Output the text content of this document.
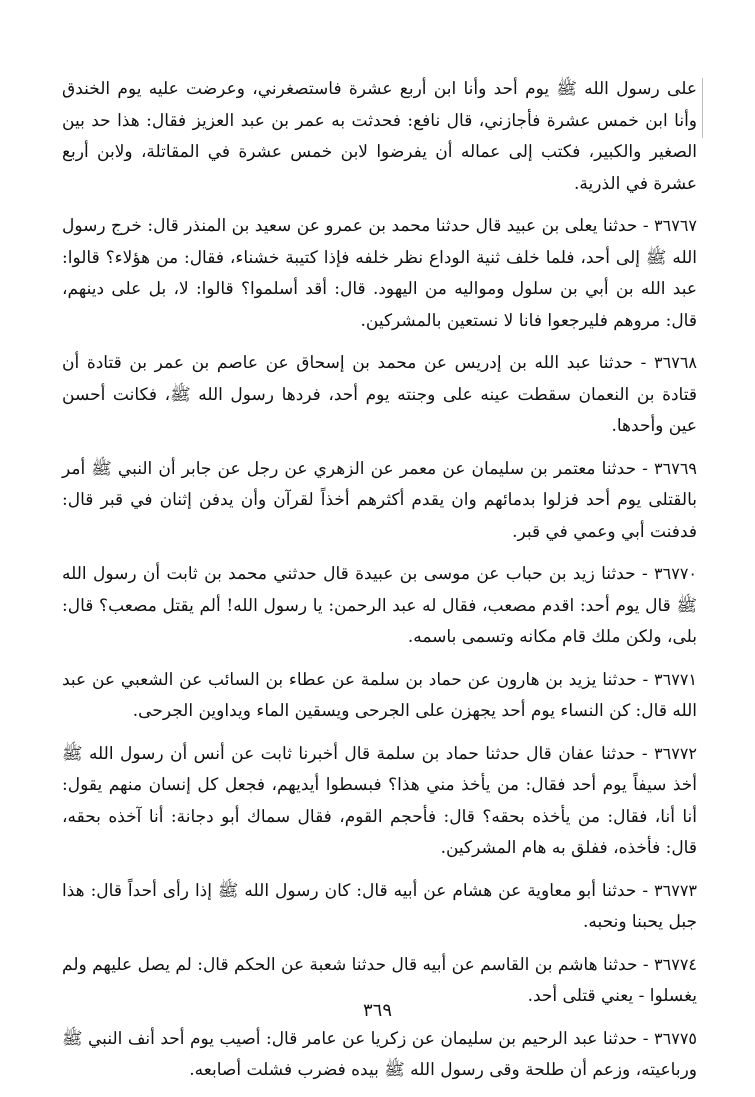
على رسول الله ﷺ يوم أحد وأنا ابن أربع عشرة فاستصغرني، وعرضت عليه يوم الخندق وأنا ابن خمس عشرة فأجازني، قال نافع: فحدثت به عمر بن عبد العزيز فقال: هذا حد بين الصغير والكبير، فكتب إلى عماله أن يفرضوا لابن خمس عشرة في المقاتلة، ولابن أربع عشرة في الذرية.

٣٦٧٦٧ - حدثنا يعلى بن عبيد قال حدثنا محمد بن عمرو عن سعيد بن المنذر قال: خرج رسول الله ﷺ إلى أحد، فلما خلف ثنية الوداع نظر خلفه فإذا كتيبة خشناء، فقال: من هؤلاء؟ قالوا: عبد الله بن أبي بن سلول ومواليه من اليهود. قال: أقد أسلموا؟ قالوا: لا، بل على دينهم، قال: مروهم فليرجعوا فانا لا نستعين بالمشركين.

٣٦٧٦٨ - حدثنا عبد الله بن إدريس عن محمد بن إسحاق عن عاصم بن عمر بن قتادة أن قتادة بن النعمان سقطت عينه على وجنته يوم أحد، فردها رسول الله ﷺ، فكانت أحسن عين وأحدها.

٣٦٧٦٩ - حدثنا معتمر بن سليمان عن معمر عن الزهري عن رجل عن جابر أن النبي ﷺ أمر بالقتلى يوم أحد فزلوا بدمائهم وان يقدم أكثرهم أخذاً لقرآن وأن يدفن إثنان في قبر قال: فدفنت أبي وعمي في قبر.

٣٦٧٧٠ - حدثنا زيد بن حباب عن موسى بن عبيدة قال حدثني محمد بن ثابت أن رسول الله ﷺ قال يوم أحد: اقدم مصعب، فقال له عبد الرحمن: يا رسول الله! ألم يقتل مصعب؟ قال: بلى، ولكن ملك قام مكانه وتسمى باسمه.

٣٦٧٧١ - حدثنا يزيد بن هارون عن حماد بن سلمة عن عطاء بن السائب عن الشعبي عن عبد الله قال: كن النساء يوم أحد يجهزن على الجرحى ويسقين الماء ويداوين الجرحى.

٣٦٧٧٢ - حدثنا عفان قال حدثنا حماد بن سلمة قال أخبرنا ثابت عن أنس أن رسول الله ﷺ أخذ سيفاً يوم أحد فقال: من يأخذ مني هذا؟ فبسطوا أيديهم، فجعل كل إنسان منهم يقول: أنا أنا، فقال: من يأخذه بحقه؟ قال: فأحجم القوم، فقال سماك أبو دجانة: أنا آخذه بحقه، قال: فأخذه، ففلق به هام المشركين.

٣٦٧٧٣ - حدثنا أبو معاوية عن هشام عن أبيه قال: كان رسول الله ﷺ إذا رأى أحداً قال: هذا جبل يحبنا ونحبه.

٣٦٧٧٤ - حدثنا هاشم بن القاسم عن أبيه قال حدثنا شعبة عن الحكم قال: لم يصل عليهم ولم يغسلوا - يعني قتلى أحد.

٣٦٧٧٥ - حدثنا عبد الرحيم بن سليمان عن زكريا عن عامر قال: أصيب يوم أحد أنف النبي ﷺ ورباعيته، وزعم أن طلحة وقى رسول الله ﷺ بيده فضرب فشلت أصابعه.

٣٦٩
